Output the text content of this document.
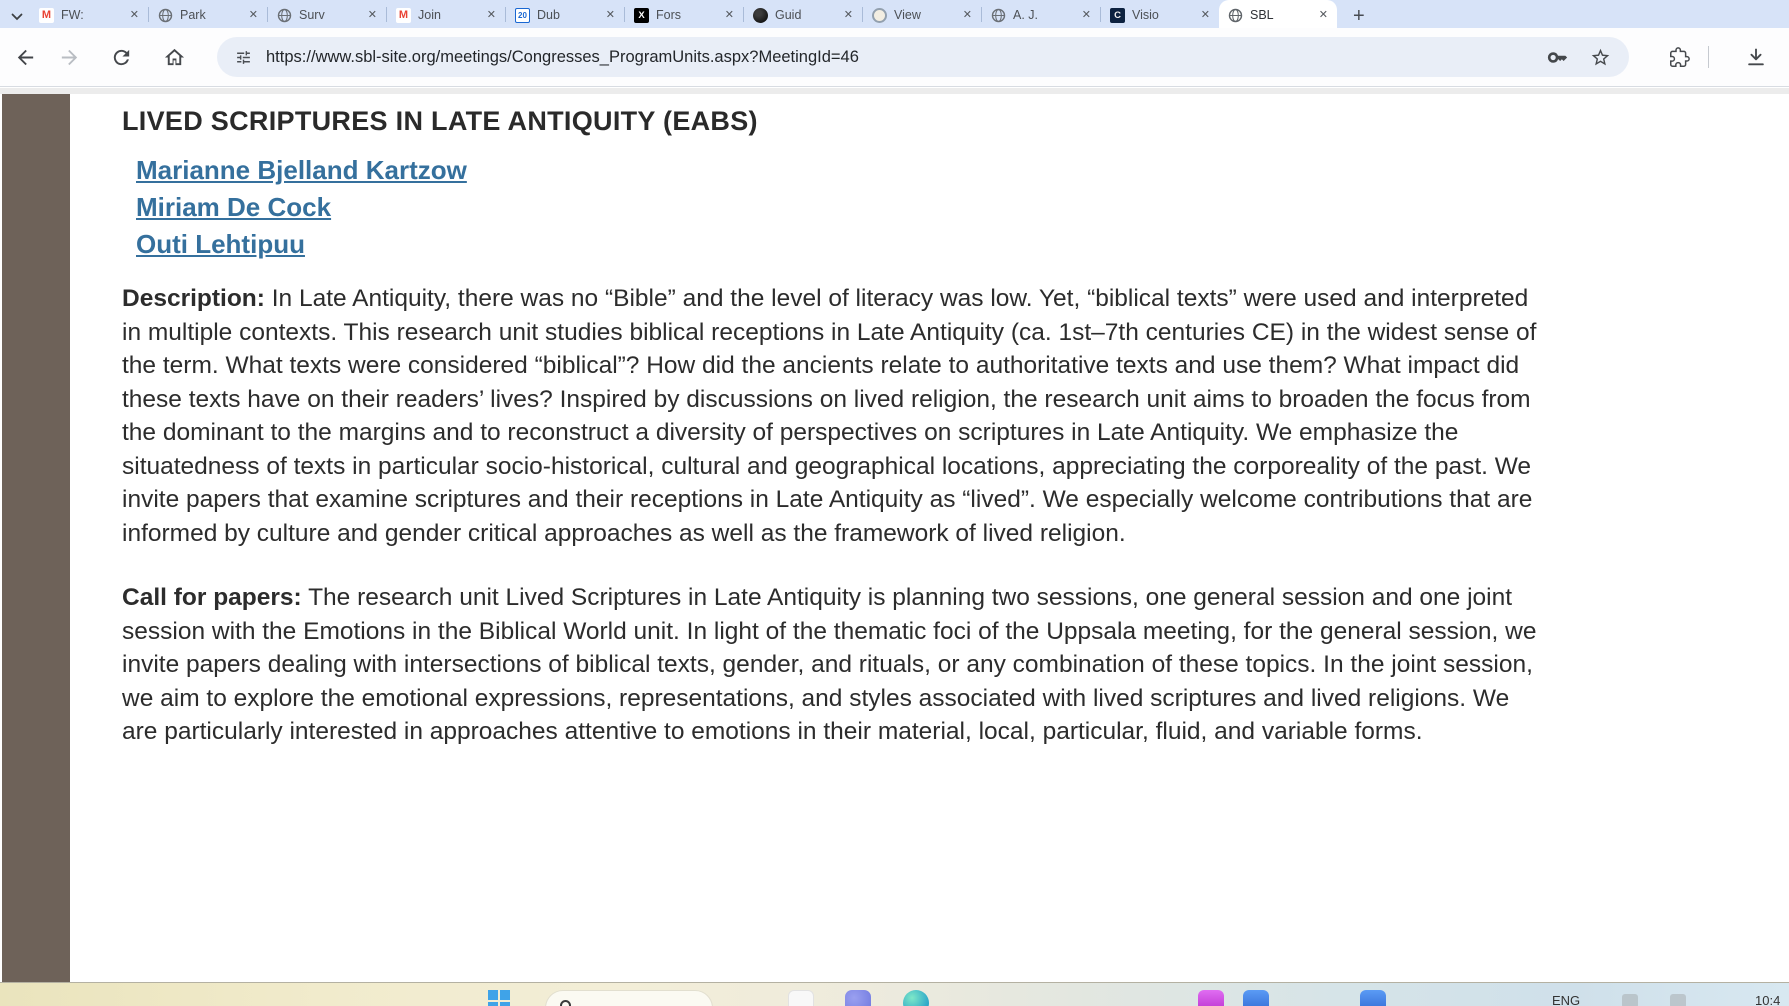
M FW:	✕	Park	✕	Surv	✕ M Join	✕	20 Dub	✕	X Fors	✕	Guid	✕	View	✕	A. J.	✕	C Visio	✕	SBL	✕ +
https://www.sbl-site.org/meetings/Congresses_ProgramUnits.aspx?MeetingId=46
LIVED SCRIPTURES IN LATE ANTIQUITY (EABS)
Marianne Bjelland Kartzow
Miriam De Cock
Outi Lehtipuu

Description: In Late Antiquity, there was no “Bible” and the level of literacy was low. Yet, “biblical texts” were used and interpreted in multiple contexts. This research unit studies biblical receptions in Late Antiquity (ca. 1st–7th centuries CE) in the widest sense of the term. What texts were considered “biblical”? How did the ancients relate to authoritative texts and use them? What impact did these texts have on their readers’ lives? Inspired by discussions on lived religion, the research unit aims to broaden the focus from the dominant to the margins and to reconstruct a diversity of perspectives on scriptures in Late Antiquity. We emphasize the situatedness of texts in particular socio-historical, cultural and geographical locations, appreciating the corporeality of the past. We invite papers that examine scriptures and their receptions in Late Antiquity as “lived”. We especially welcome contributions that are informed by culture and gender critical approaches as well as the framework of lived religion.

Call for papers: The research unit Lived Scriptures in Late Antiquity is planning two sessions, one general session and one joint session with the Emotions in the Biblical World unit. In light of the thematic foci of the Uppsala meeting, for the general session, we invite papers dealing with intersections of biblical texts, gender, and rituals, or any combination of these topics. In the joint session, we aim to explore the emotional expressions, representations, and styles associated with lived scriptures and lived religions. We are particularly interested in approaches attentive to emotions in their material, local, particular, fluid, and variable forms.

ENG	10:4
